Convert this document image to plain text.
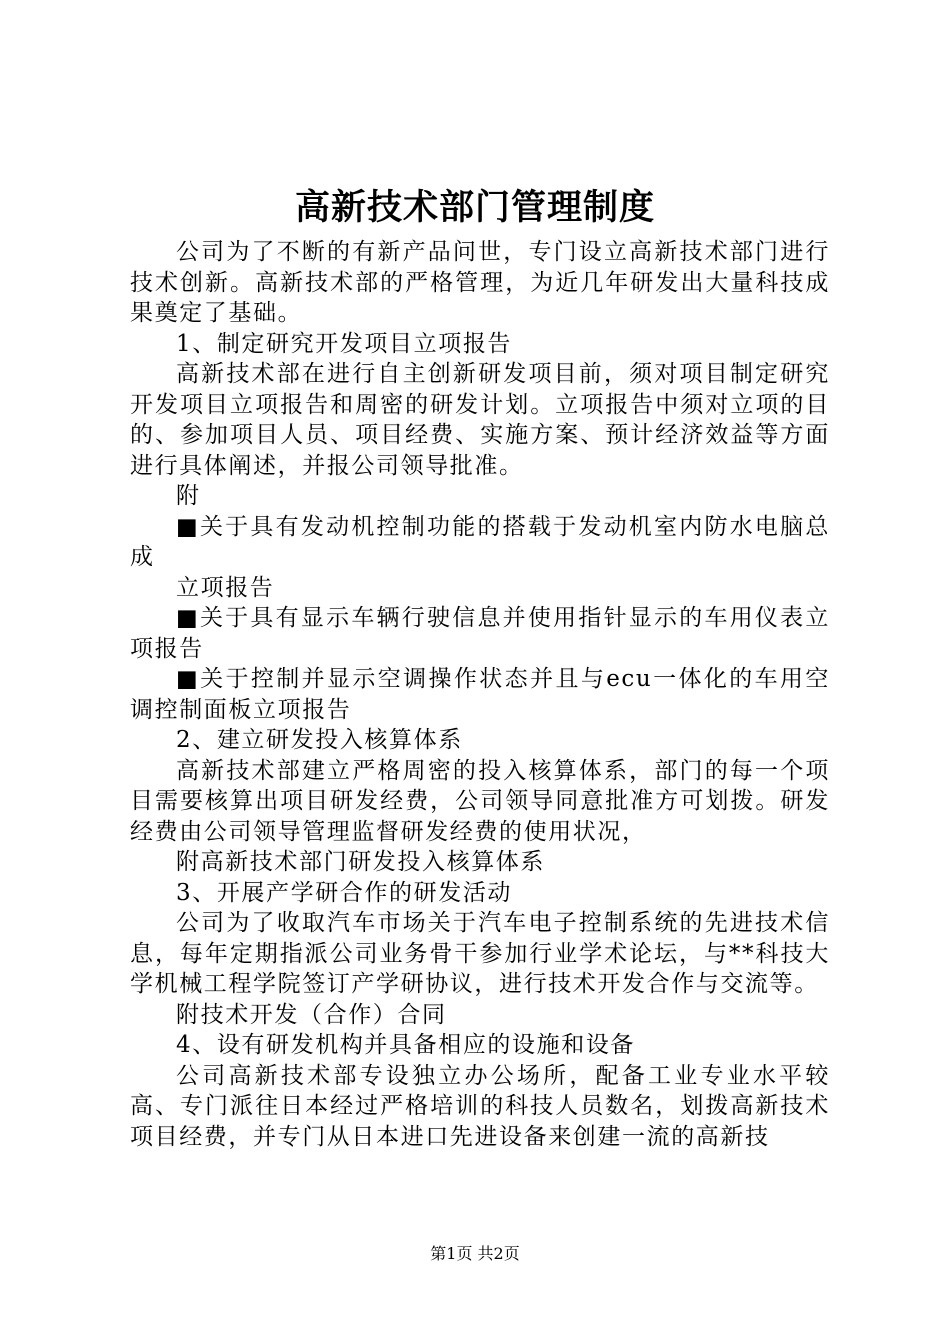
高新技术部门管理制度

公司为了不断的有新产品问世，专门设立高新技术部门进行技术创新。高新技术部的严格管理，为近几年研发出大量科技成果奠定了基础。

1、制定研究开发项目立项报告

高新技术部在进行自主创新研发项目前，须对项目制定研究开发项目立项报告和周密的研发计划。立项报告中须对立项的目的、参加项目人员、项目经费、实施方案、预计经济效益等方面进行具体阐述，并报公司领导批准。

附

■关于具有发动机控制功能的搭载于发动机室内防水电脑总成

立项报告

■关于具有显示车辆行驶信息并使用指针显示的车用仪表立项报告

■关于控制并显示空调操作状态并且与ecu一体化的车用空调控制面板立项报告

2、建立研发投入核算体系

高新技术部建立严格周密的投入核算体系，部门的每一个项目需要核算出项目研发经费，公司领导同意批准方可划拨。研发经费由公司领导管理监督研发经费的使用状况，

附高新技术部门研发投入核算体系

3、开展产学研合作的研发活动

公司为了收取汽车市场关于汽车电子控制系统的先进技术信息，每年定期指派公司业务骨干参加行业学术论坛，与**科技大学机械工程学院签订产学研协议，进行技术开发合作与交流等。

附技术开发（合作）合同

4、设有研发机构并具备相应的设施和设备

公司高新技术部专设独立办公场所，配备工业专业水平较高、专门派往日本经过严格培训的科技人员数名，划拨高新技术项目经费，并专门从日本进口先进设备来创建一流的高新技

第1页 共2页
